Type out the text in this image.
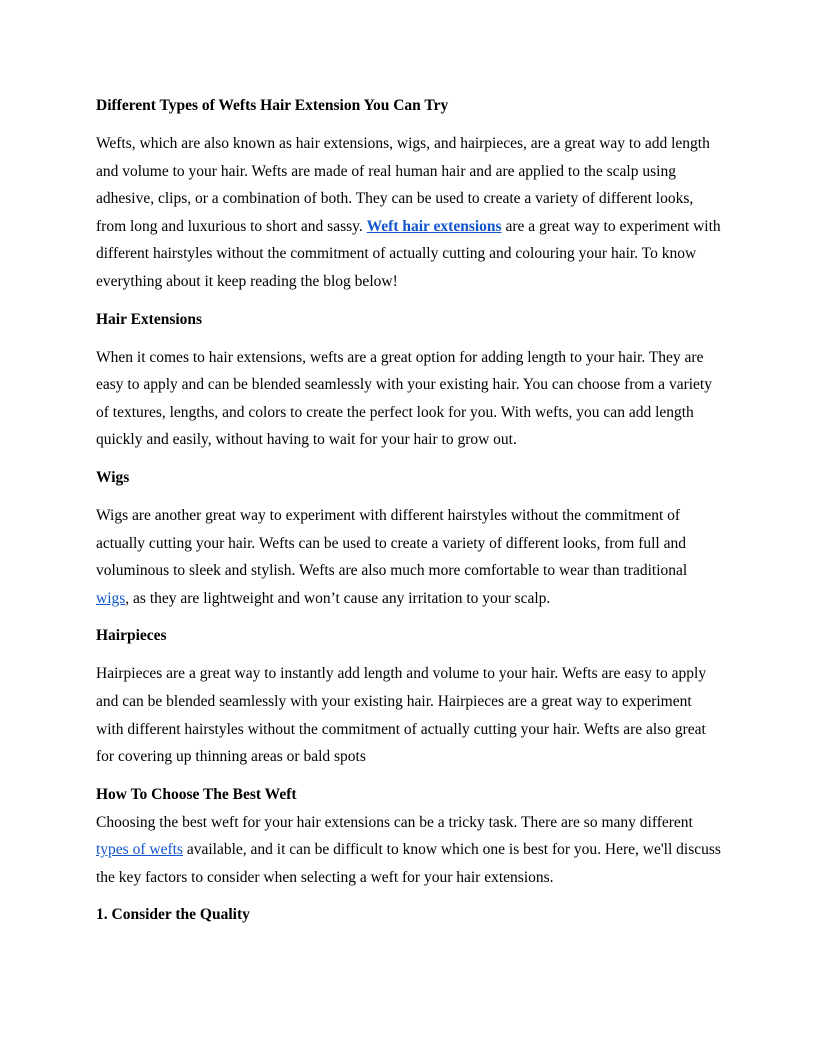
Different Types of Wefts Hair Extension You Can Try

Wefts, which are also known as hair extensions, wigs, and hairpieces, are a great way to add length and volume to your hair. Wefts are made of real human hair and are applied to the scalp using adhesive, clips, or a combination of both. They can be used to create a variety of different looks, from long and luxurious to short and sassy. Weft hair extensions are a great way to experiment with different hairstyles without the commitment of actually cutting and colouring your hair. To know everything about it keep reading the blog below!

Hair Extensions

When it comes to hair extensions, wefts are a great option for adding length to your hair. They are easy to apply and can be blended seamlessly with your existing hair. You can choose from a variety of textures, lengths, and colors to create the perfect look for you. With wefts, you can add length quickly and easily, without having to wait for your hair to grow out.

Wigs

Wigs are another great way to experiment with different hairstyles without the commitment of actually cutting your hair. Wefts can be used to create a variety of different looks, from full and voluminous to sleek and stylish. Wefts are also much more comfortable to wear than traditional wigs, as they are lightweight and won’t cause any irritation to your scalp.

Hairpieces

Hairpieces are a great way to instantly add length and volume to your hair. Wefts are easy to apply and can be blended seamlessly with your existing hair. Hairpieces are a great way to experiment with different hairstyles without the commitment of actually cutting your hair. Wefts are also great for covering up thinning areas or bald spots

How To Choose The Best Weft

Choosing the best weft for your hair extensions can be a tricky task. There are so many different types of wefts available, and it can be difficult to know which one is best for you. Here, we'll discuss the key factors to consider when selecting a weft for your hair extensions.

1. Consider the Quality
